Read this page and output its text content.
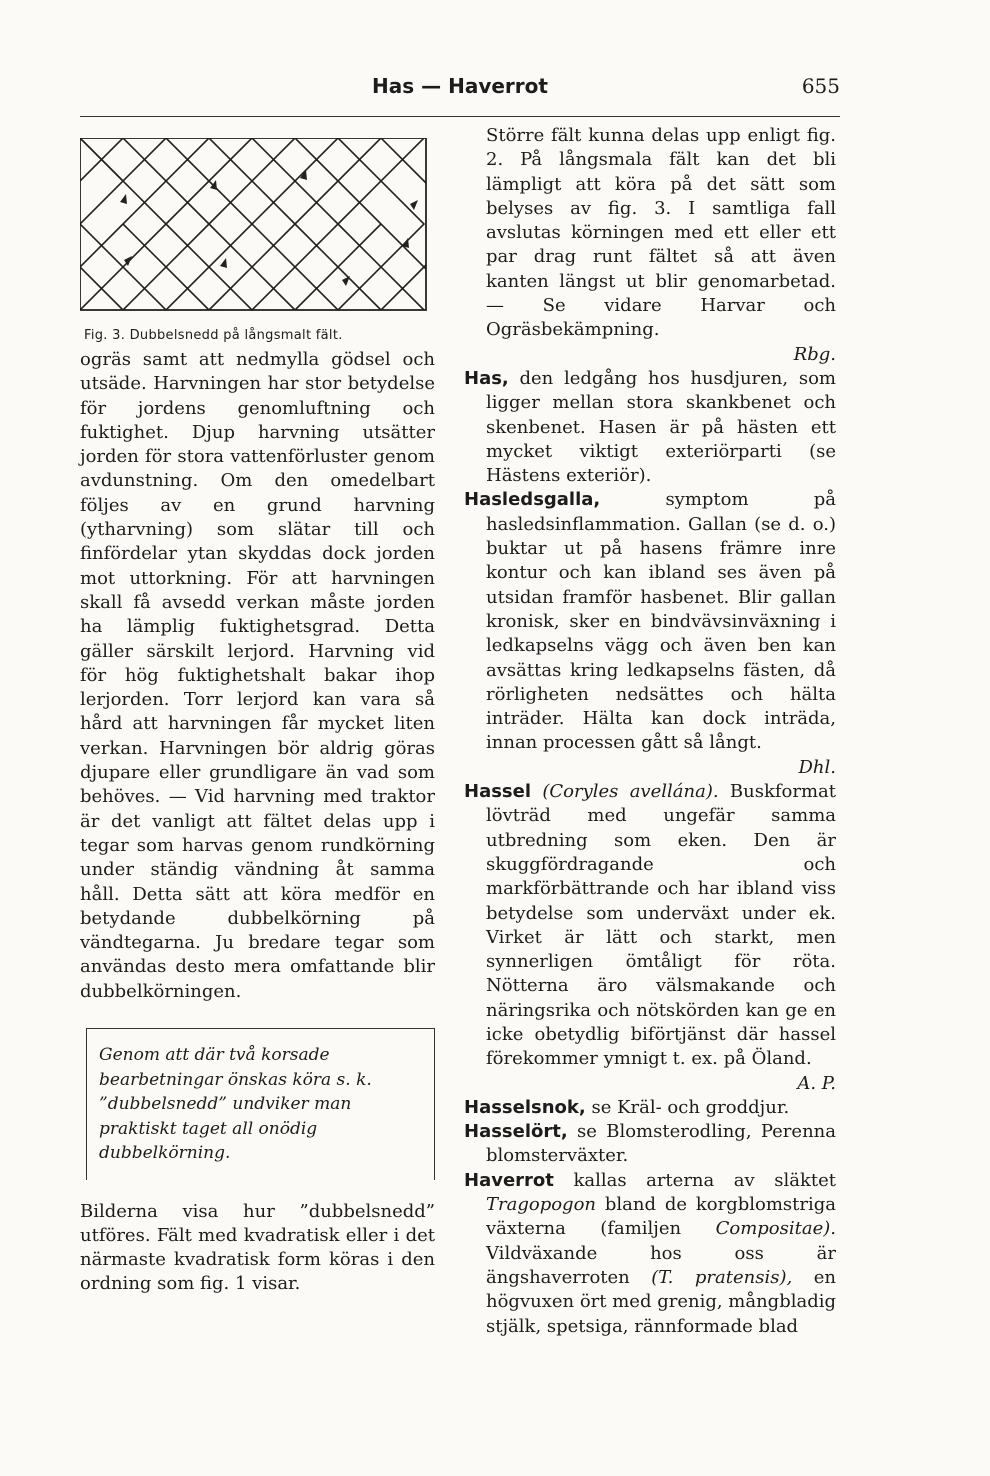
Has — Haverrot	655
Fig. 3. Dubbelsnedd på långsmalt fält.

ogräs samt att nedmylla gödsel och utsäde. Harvningen har stor betydelse för jordens genomluftning och fuktighet. Djup harvning utsätter jorden för stora vattenförluster genom avdunstning. Om den omedelbart följes av en grund harvning (ytharvning) som slätar till och finfördelar ytan skyddas dock jorden mot uttorkning. För att harvningen skall få avsedd verkan måste jorden ha lämplig fuktighetsgrad. Detta gäller särskilt lerjord. Harvning vid för hög fuktighetshalt bakar ihop lerjorden. Torr lerjord kan vara så hård att harvningen får mycket liten verkan. Harvningen bör aldrig göras djupare eller grundligare än vad som behöves. — Vid harvning med traktor är det vanligt att fältet delas upp i tegar som harvas genom rundkörning under ständig vändning åt samma håll. Detta sätt att köra medför en betydande dubbelkörning på vändtegarna. Ju bredare tegar som användas desto mera omfattande blir dubbelkörningen.

Genom att där två korsade bearbetningar önskas köra s. k. ”dubbelsnedd” undviker man praktiskt taget all onödig dubbelkörning.

Bilderna visa hur ”dubbelsnedd” utföres. Fält med kvadratisk eller i det närmaste kvadratisk form köras i den ordning som fig. 1 visar.

Större fält kunna delas upp enligt fig. 2. På långsmala fält kan det bli lämpligt att köra på det sätt som belyses av fig. 3. I samtliga fall avslutas körningen med ett eller ett par drag runt fältet så att även kanten längst ut blir genomarbetad. — Se vidare Harvar och Ogräsbekämpning.

Rbg.

Has, den ledgång hos husdjuren, som ligger mellan stora skankbenet och skenbenet. Hasen är på hästen ett mycket viktigt exteriörparti (se Hästens exteriör).

Hasledsgalla,	symptom på hasledsinflammation. Gallan (se d. o.) buktar ut på hasens främre inre kontur och kan ibland ses även på utsidan framför hasbenet. Blir gallan kronisk, sker en bindvävsinväxning i ledkapselns vägg och även ben kan avsättas kring ledkapselns fästen, då rörligheten nedsättes och hälta inträder. Hälta kan dock inträda, innan processen gått så långt.

Dhl.

Hassel (Coryles avellána). Buskformat lövträd med ungefär samma utbredning som eken. Den är skuggfördragande och markförbättrande och har ibland viss betydelse som underväxt under ek. Virket är lätt och starkt, men synnerligen ömtåligt för röta. Nötterna äro välsmakande och näringsrika och nötskörden kan ge en icke obetydlig biförtjänst där hassel förekommer ymnigt t. ex. på Öland.

A. P.

Hasselsnok, se Kräl- och groddjur.

Hasselört, se Blomsterodling, Perenna blomsterväxter.

Haverrot kallas arterna av släktet Tragopogon bland de korgblomstriga växterna (familjen Compositae). Vildväxande hos oss är ängshaverroten (T. pratensis), en högvuxen ört med grenig, mångbladig stjälk, spetsiga, rännformade blad
